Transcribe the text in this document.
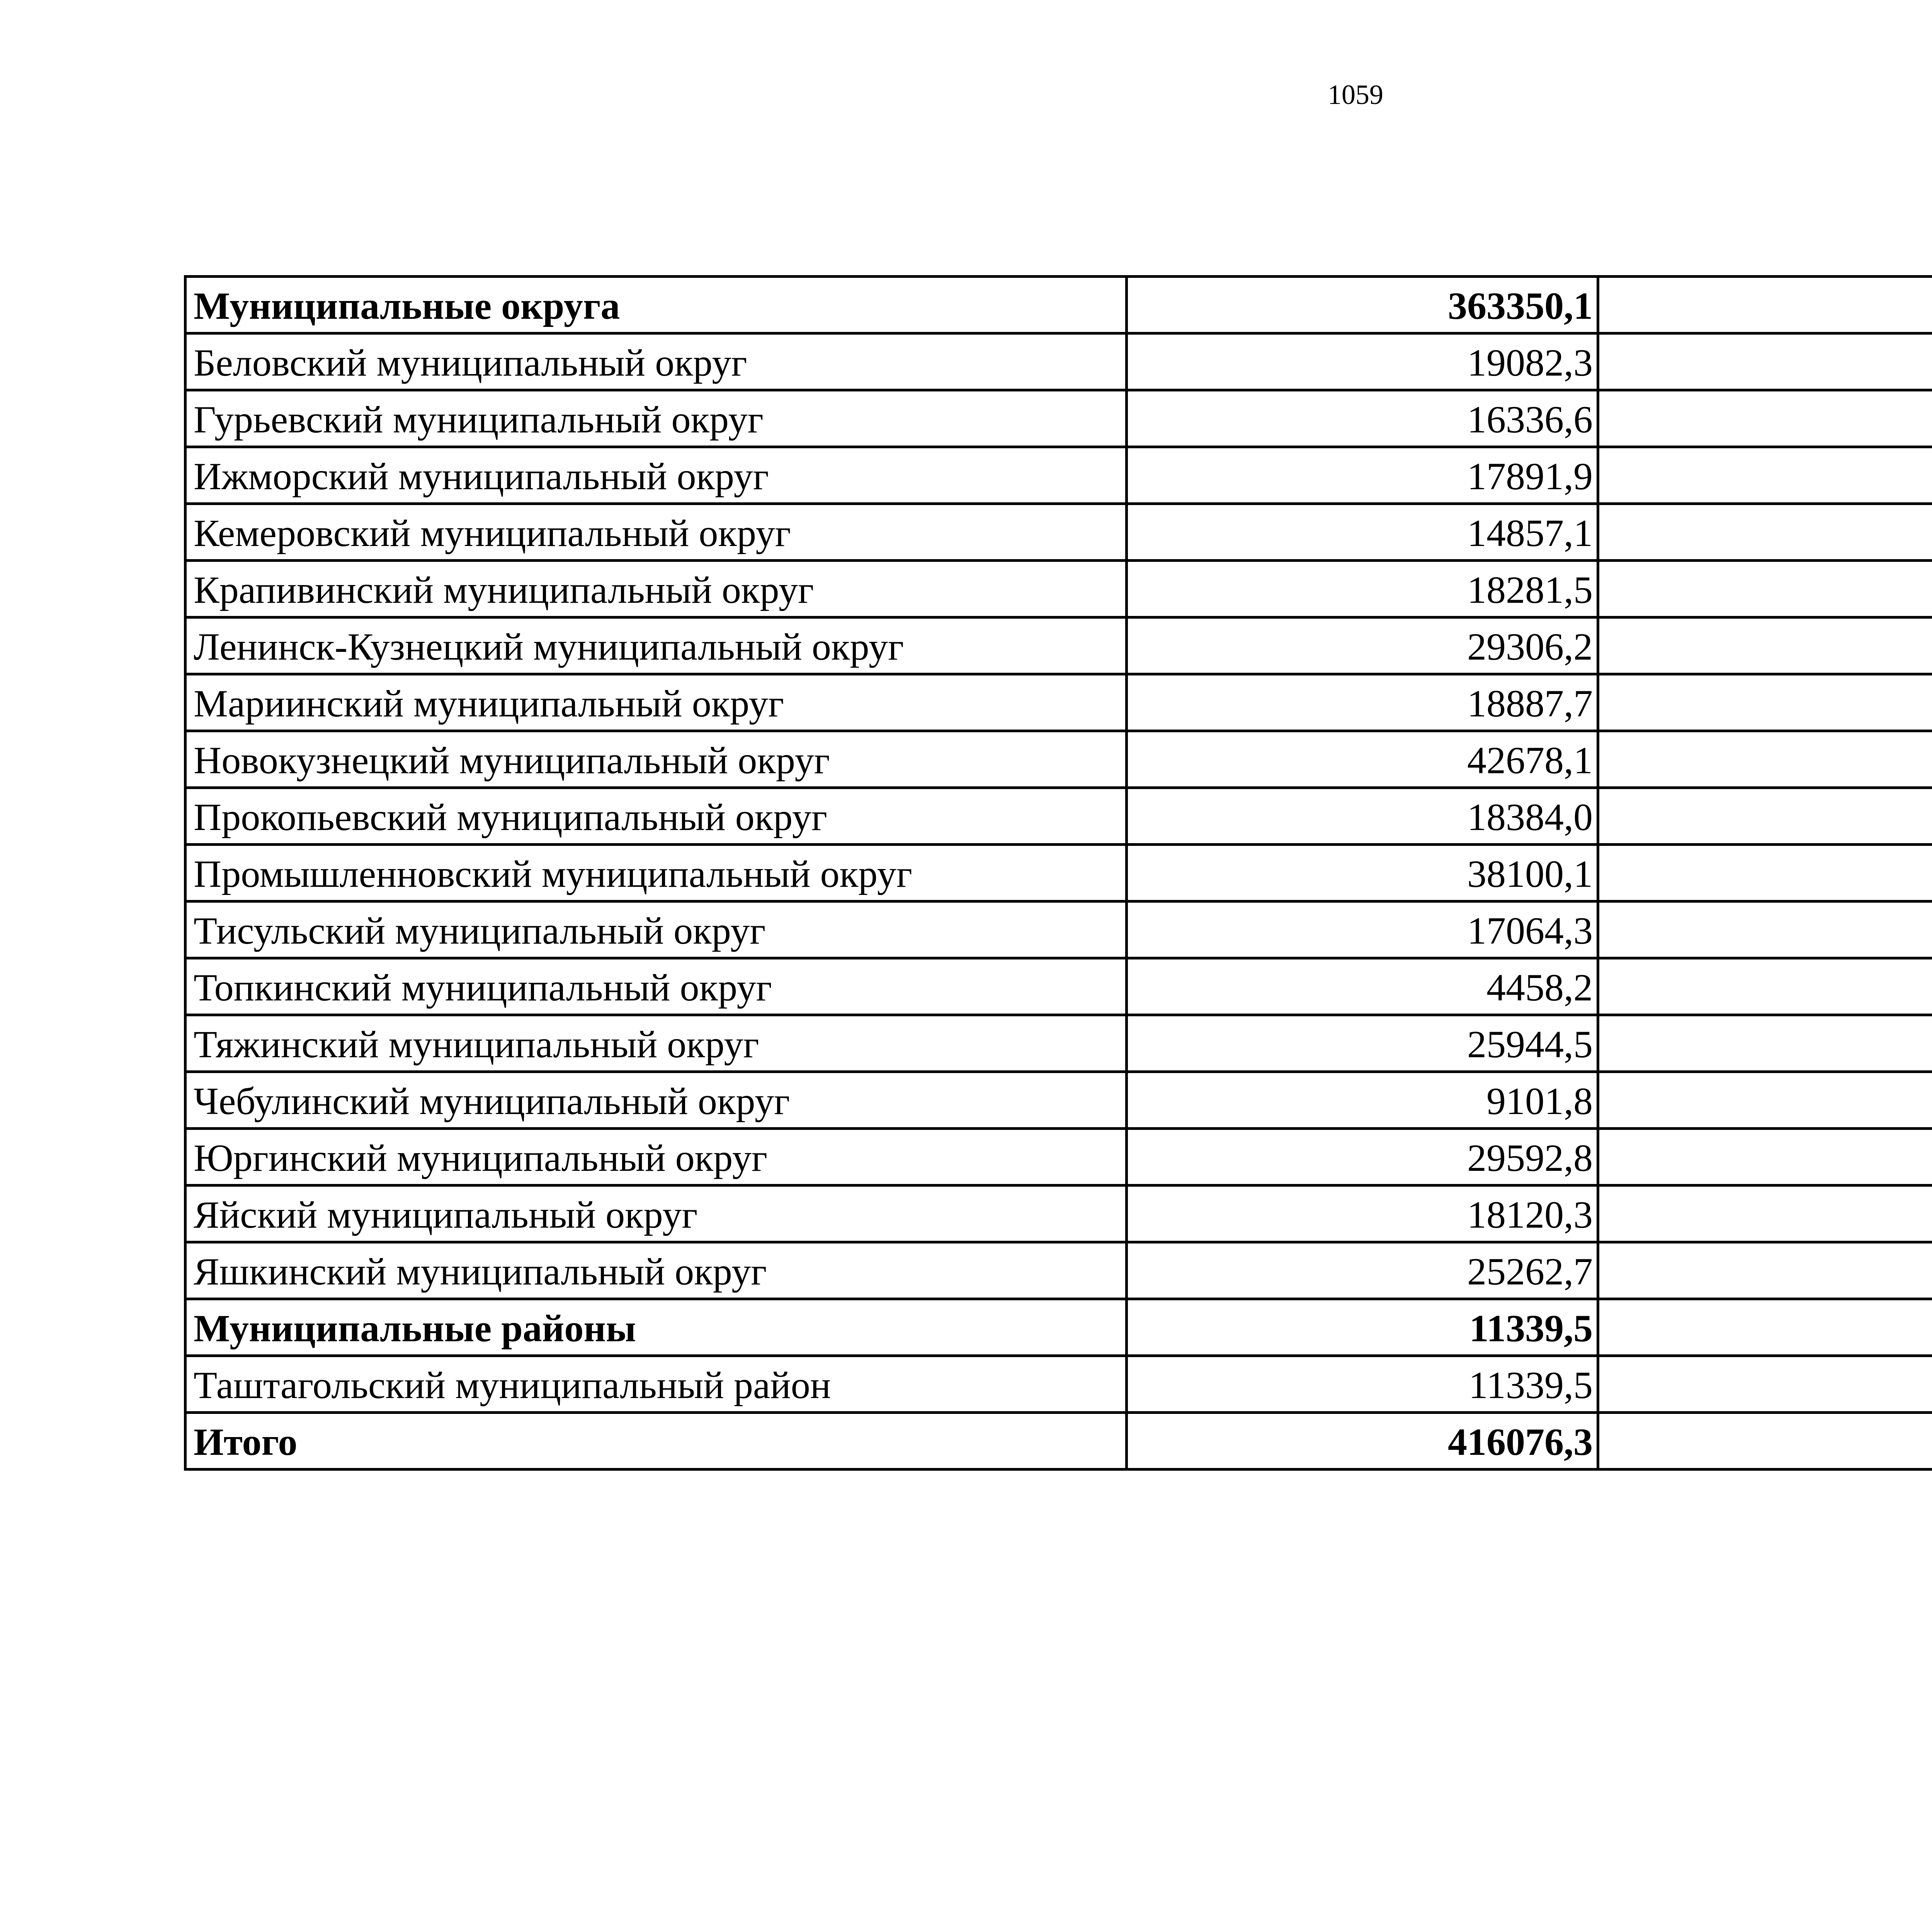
1059
Муниципальные округа	363350,1	
Беловский муниципальный округ	19082,3	
Гурьевский муниципальный округ	16336,6	
Ижморский муниципальный округ	17891,9	
Кемеровский муниципальный округ	14857,1	
Крапивинский муниципальный округ	18281,5	
Ленинск-Кузнецкий муниципальный округ	29306,2	
Мариинский муниципальный округ	18887,7	
Новокузнецкий муниципальный округ	42678,1	
Прокопьевский муниципальный округ	18384,0	
Промышленновский муниципальный округ	38100,1	
Тисульский муниципальный округ	17064,3	
Топкинский муниципальный округ	4458,2	
Тяжинский муниципальный округ	25944,5	
Чебулинский муниципальный округ	9101,8	
Юргинский муниципальный округ	29592,8	
Яйский муниципальный округ	18120,3	
Яшкинский муниципальный округ	25262,7	
Муниципальные районы	11339,5	
Таштагольский муниципальный район	11339,5	
Итого	416076,3	
